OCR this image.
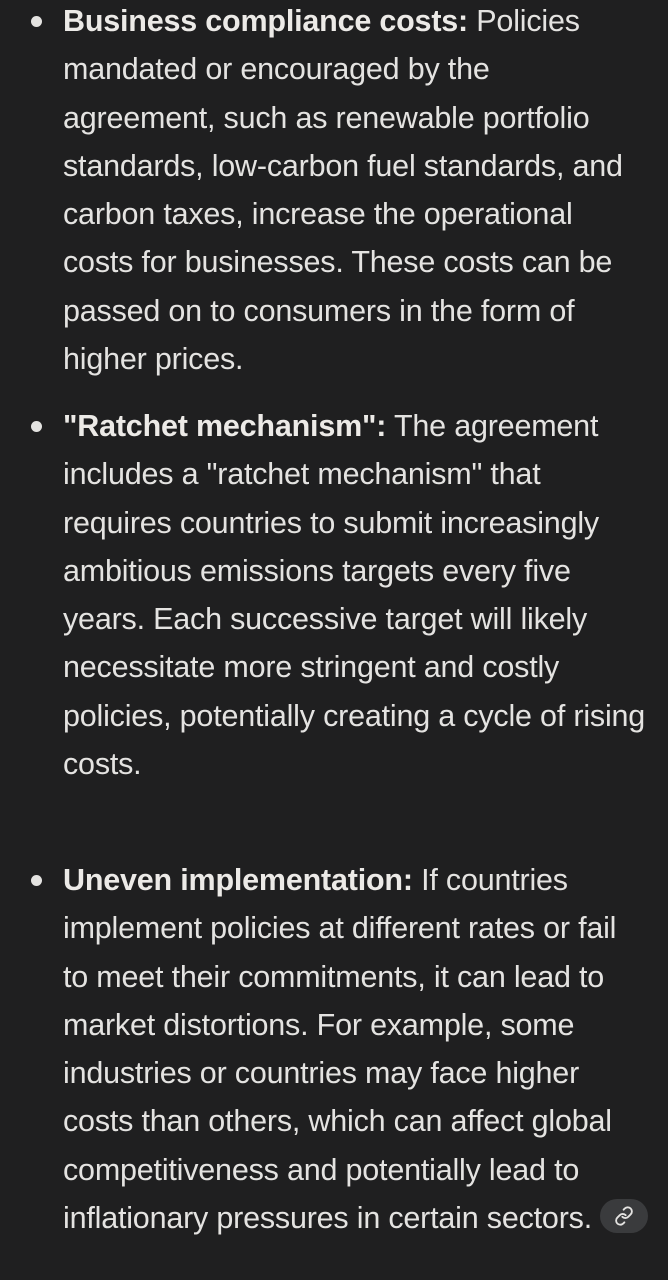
Business compliance costs: Policies mandated or encouraged by the agreement, such as renewable portfolio standards, low-carbon fuel standards, and carbon taxes, increase the operational costs for businesses. These costs can be passed on to consumers in the form of higher prices.
"Ratchet mechanism": The agreement includes a "ratchet mechanism" that requires countries to submit increasingly ambitious emissions targets every five years. Each successive target will likely necessitate more stringent and costly policies, potentially creating a cycle of rising costs.
Uneven implementation: If countries implement policies at different rates or fail to meet their commitments, it can lead to market distortions. For example, some industries or countries may face higher costs than others, which can affect global competitiveness and potentially lead to inflationary pressures in certain sectors.
